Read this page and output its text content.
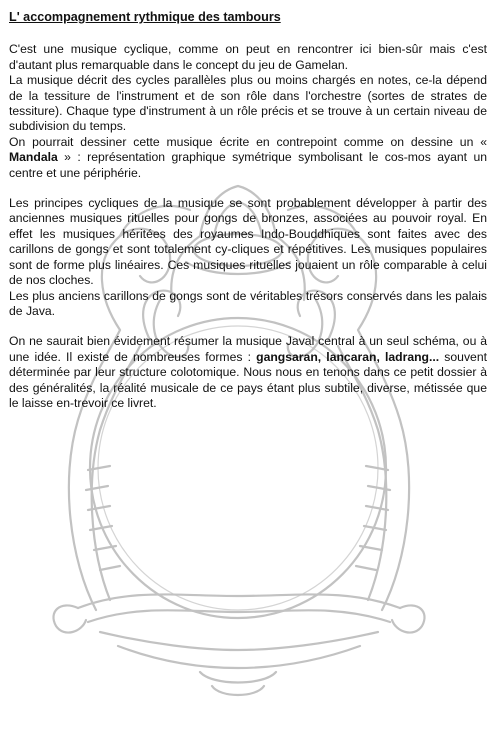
L' accompagnement rythmique des tambours

C'est une musique cyclique, comme on peut en rencontrer ici bien-sûr mais c'est d'autant plus remarquable dans le concept du jeu de Gamelan.

La musique décrit des cycles parallèles plus ou moins chargés en notes, ce-la dépend de la tessiture de l'instrument et de son rôle dans l'orchestre (sortes de strates de tessiture). Chaque type d'instrument à un rôle précis et se trouve à un certain niveau de subdivision du temps.

On pourrait dessiner cette musique écrite en contrepoint comme on dessine un « Mandala » : représentation graphique symétrique symbolisant le cos-mos ayant un centre et une périphérie.

Les principes cycliques de la musique se sont probablement développer à partir des anciennes musiques rituelles pour gongs de bronzes, associées au pouvoir royal. En effet les musiques héritées des royaumes Indo-Bouddhiques sont faites avec des carillons de gongs et sont totalement cy-cliques et répétitives. Les musiques populaires sont de forme plus linéaires. Ces musiques rituelles jouaient un rôle comparable à celui de nos cloches.

Les plus anciens carillons de gongs sont de véritables trésors conservés dans les palais de Java.

On ne saurait bien évidement résumer la musique Javal central à un seul schéma, ou à une idée. Il existe de nombreuses formes : gangsaran, lancaran, ladrang... souvent déterminée par leur structure colotomique. Nous nous en tenons dans ce petit dossier à des généralités, la réalité musicale de ce pays étant plus subtile, diverse, métissée que le laisse en-trevoir ce livret.
